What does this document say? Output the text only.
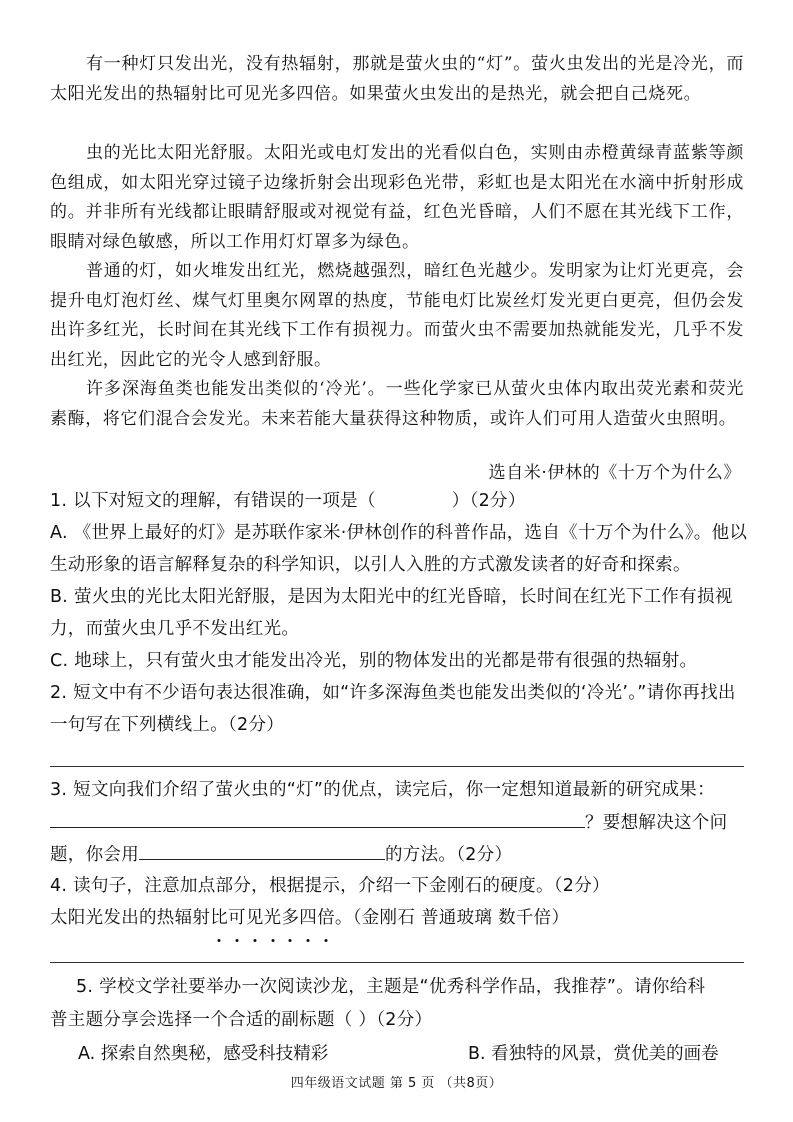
有一种灯只发出光，没有热辐射，那就是萤火虫的“灯”。萤火虫发出的光是冷光，而太阳光发出的热辐射比可见光多四倍。如果萤火虫发出的是热光，就会把自己烧死。

虫的光比太阳光舒服。太阳光或电灯发出的光看似白色，实则由赤橙黄绿青蓝紫等颜色组成，如太阳光穿过镜子边缘折射会出现彩色光带，彩虹也是太阳光在水滴中折射形成的。并非所有光线都让眼睛舒服或对视觉有益，红色光昏暗，人们不愿在其光线下工作，眼睛对绿色敏感，所以工作用灯灯罩多为绿色。

普通的灯，如火堆发出红光，燃烧越强烈，暗红色光越少。发明家为让灯光更亮，会提升电灯泡灯丝、煤气灯里奥尔网罩的热度，节能电灯比炭丝灯发光更白更亮，但仍会发出许多红光，长时间在其光线下工作有损视力。而萤火虫不需要加热就能发光，几乎不发出红光，因此它的光令人感到舒服。

许多深海鱼类也能发出类似的‘冷光’。一些化学家已从萤火虫体内取出荧光素和荧光素酶，将它们混合会发光。未来若能大量获得这种物质，或许人们可用人造萤火虫照明。

选自米·伊林的《十万个为什么》

1. 以下对短文的理解，有错误的一项是（	）（2分）

A. 《世界上最好的灯》是苏联作家米·伊林创作的科普作品，选自《十万个为什么》。他以生动形象的语言解释复杂的科学知识，以引人入胜的方式激发读者的好奇和探索。

B. 萤火虫的光比太阳光舒服，是因为太阳光中的红光昏暗，长时间在红光下工作有损视力，而萤火虫几乎不发出红光。

C. 地球上，只有萤火虫才能发出冷光，别的物体发出的光都是带有很强的热辐射。

2. 短文中有不少语句表达很准确，如“许多深海鱼类也能发出类似的‘冷光’。”请你再找出一句写在下列横线上。（2分）

3. 短文向我们介绍了萤火虫的“灯”的优点，读完后，你一定想知道最新的研究成果：

？要想解决这个问

题，你会用	的方法。（2分）

4. 读句子，注意加点部分，根据提示，介绍一下金刚石的硬度。（2分）

太阳光发出的热辐射比可见光多四倍。（金刚石 普通玻璃 数千倍）

5. 学校文学社要举办一次阅读沙龙，主题是“优秀科学作品，我推荐”。请你给科

普主题分享会选择一个合适的副标题（ ）（2分）

A. 探索自然奥秘，感受科技精彩	B. 看独特的风景，赏优美的画卷
四年级语文试题 第 5 页 （共8页）
